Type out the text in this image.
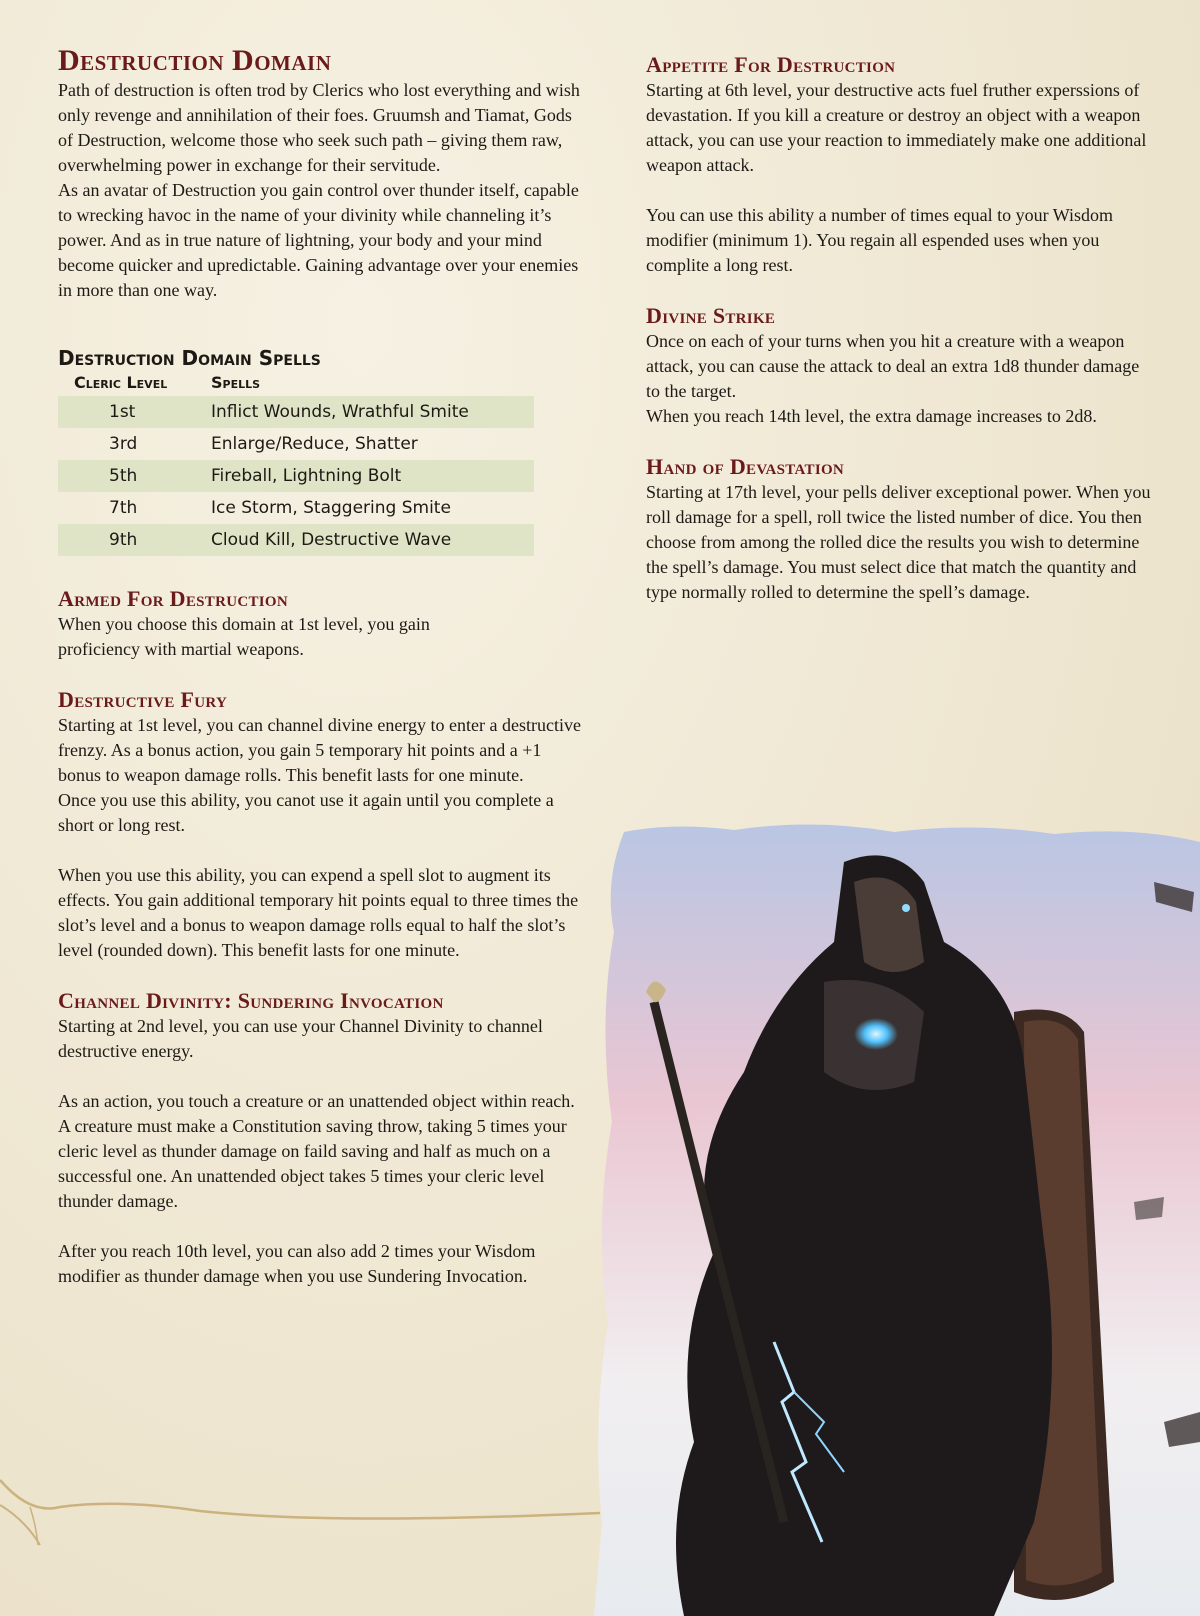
Destruction Domain

Path of destruction is often trod by Clerics who lost everything and wish only revenge and annihilation of their foes. Gruumsh and Tiamat, Gods of Destruction, welcome those who seek such path – giving them raw, overwhelming power in exchange for their servitude.

As an avatar of Destruction you gain control over thunder itself, capable to wrecking havoc in the name of your divinity while channeling it’s power. And as in true nature of lightning, your body and your mind become quicker and upredictable. Gaining advantage over your enemies in more than one way.

Destruction Domain Spells
Cleric Level	Spells
1st	Inflict Wounds, Wrathful Smite
3rd	Enlarge/Reduce, Shatter
5th	Fireball, Lightning Bolt
7th	Ice Storm, Staggering Smite
9th	Cloud Kill, Destructive Wave
Armed For Destruction

When you choose this domain at 1st level, you gain proficiency with martial weapons.

Destructive Fury

Starting at 1st level, you can channel divine energy to enter a destructive frenzy. As a bonus action, you gain 5 temporary hit points and a +1 bonus to weapon damage rolls. This benefit lasts for one minute.

Once you use this ability, you canot use it again until you complete a short or long rest.

When you use this ability, you can expend a spell slot to augment its effects. You gain additional temporary hit points equal to three times the slot’s level and a bonus to weapon damage rolls equal to half the slot’s level (rounded down). This benefit lasts for one minute.

Channel Divinity: Sundering Invocation

Starting at 2nd level, you can use your Channel Divinity to channel destructive energy.

As an action, you touch a creature or an unattended object within reach. A creature must make a Constitution saving throw, taking 5 times your cleric level as thunder damage on faild saving and half as much on a successful one. An unattended object takes 5 times your cleric level thunder damage.

After you reach 10th level, you can also add 2 times your Wisdom modifier as thunder damage when you use Sundering Invocation.

Appetite For Destruction

Starting at 6th level, your destructive acts fuel fruther experssions of devastation. If you kill a creature or destroy an object with a weapon attack, you can use your reaction to immediately make one additional weapon attack.

You can use this ability a number of times equal to your Wisdom modifier (minimum 1). You regain all espended uses when you complite a long rest.

Divine Strike

Once on each of your turns when you hit a creature with a weapon attack, you can cause the attack to deal an extra 1d8 thunder damage to the target.

When you reach 14th level, the extra damage increases to 2d8.

Hand of Devastation

Starting at 17th level, your pells deliver exceptional power. When you roll damage for a spell, roll twice the listed number of dice. You then choose from among the rolled dice the results you wish to determine the spell’s damage. You must select dice that match the quantity and type normally rolled to determine the spell’s damage.
